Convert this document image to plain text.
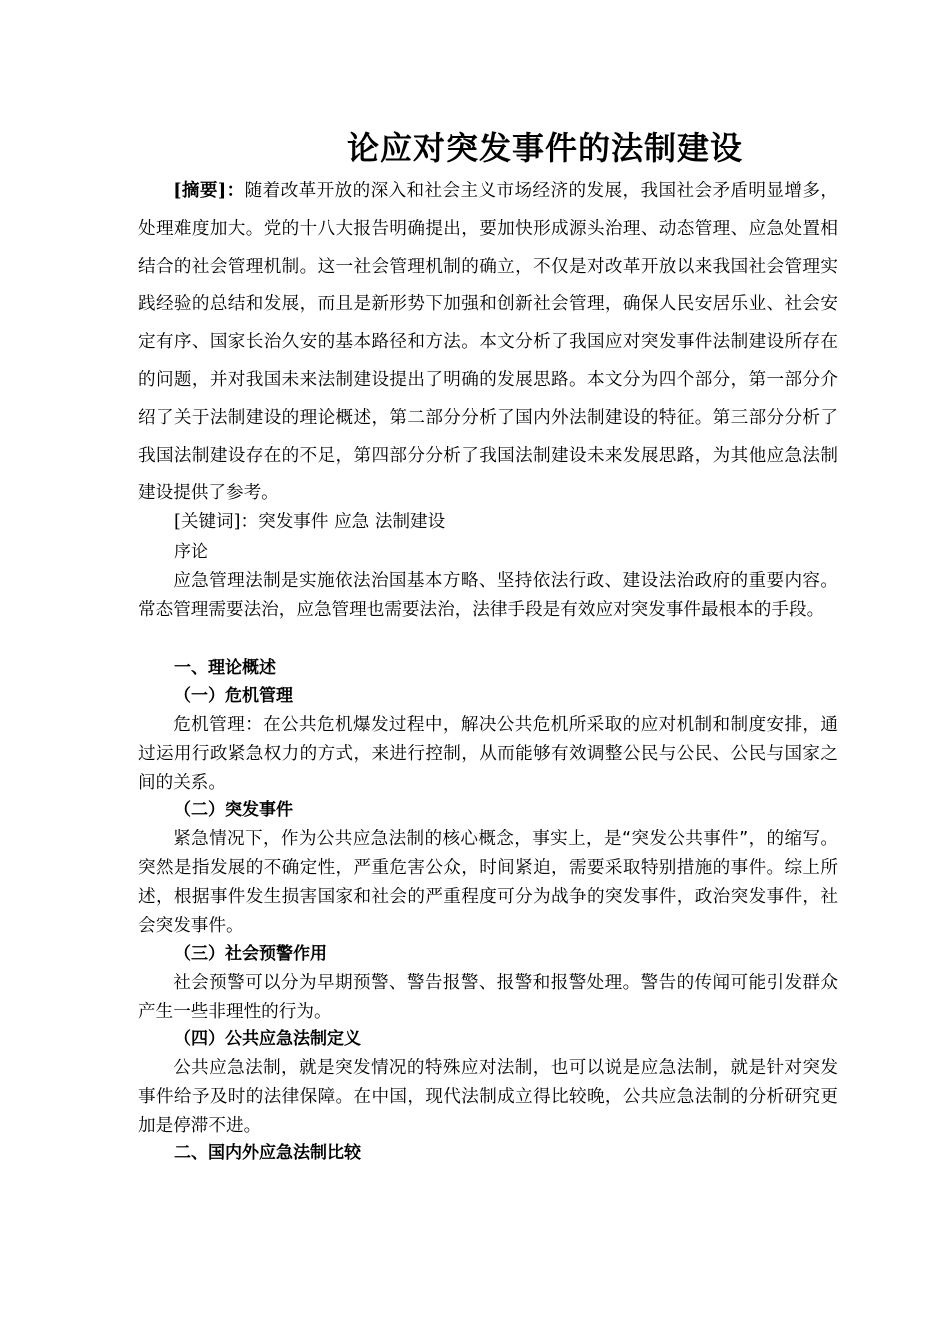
论应对突发事件的法制建设

[摘要]：随着改革开放的深入和社会主义市场经济的发展，我国社会矛盾明显增多，处理难度加大。党的十八大报告明确提出，要加快形成源头治理、动态管理、应急处置相结合的社会管理机制。这一社会管理机制的确立，不仅是对改革开放以来我国社会管理实践经验的总结和发展，而且是新形势下加强和创新社会管理，确保人民安居乐业、社会安定有序、国家长治久安的基本路径和方法。本文分析了我国应对突发事件法制建设所存在的问题，并对我国未来法制建设提出了明确的发展思路。本文分为四个部分，第一部分介绍了关于法制建设的理论概述，第二部分分析了国内外法制建设的特征。第三部分分析了我国法制建设存在的不足，第四部分分析了我国法制建设未来发展思路，为其他应急法制建设提供了参考。

[关键词]：突发事件 应急 法制建设

序论

应急管理法制是实施依法治国基本方略、坚持依法行政、建设法治政府的重要内容。常态管理需要法治，应急管理也需要法治，法律手段是有效应对突发事件最根本的手段。

一、理论概述
（一）危机管理

危机管理：在公共危机爆发过程中，解决公共危机所采取的应对机制和制度安排，通过运用行政紧急权力的方式，来进行控制，从而能够有效调整公民与公民、公民与国家之间的关系。

（二）突发事件

紧急情况下，作为公共应急法制的核心概念，事实上，是“突发公共事件”，的缩写。突然是指发展的不确定性，严重危害公众，时间紧迫，需要采取特别措施的事件。综上所述，根据事件发生损害国家和社会的严重程度可分为战争的突发事件，政治突发事件，社会突发事件。

（三）社会预警作用

社会预警可以分为早期预警、警告报警、报警和报警处理。警告的传闻可能引发群众产生一些非理性的行为。

（四）公共应急法制定义

公共应急法制，就是突发情况的特殊应对法制，也可以说是应急法制，就是针对突发事件给予及时的法律保障。在中国，现代法制成立得比较晚，公共应急法制的分析研究更加是停滞不进。

二、国内外应急法制比较
